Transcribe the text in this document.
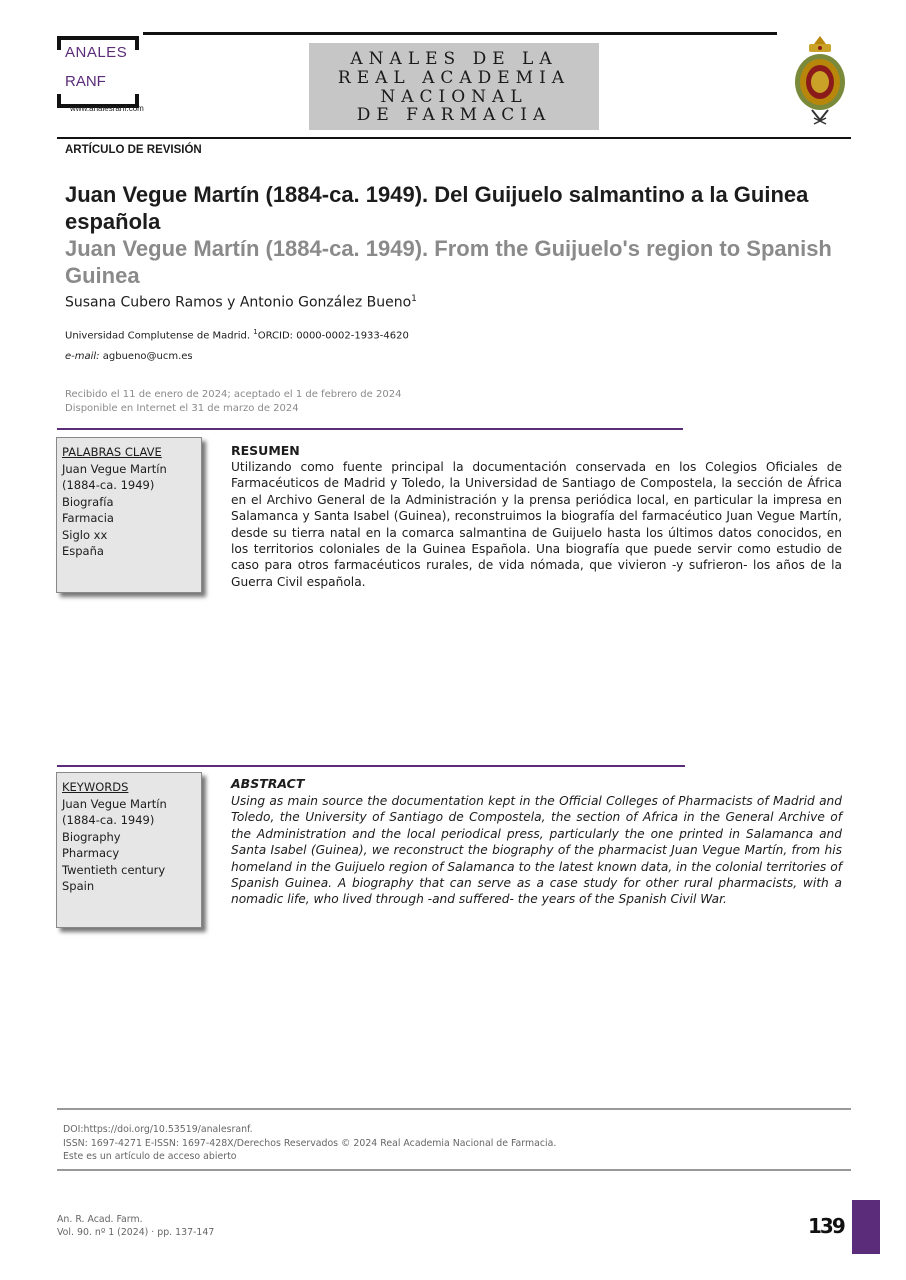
ANALES
RANF
www.analesranf.com
ANALES DE LA
REAL ACADEMIA
NACIONAL
DE FARMACIA
ARTÍCULO DE REVISIÓN
Juan Vegue Martín (1884-ca. 1949). Del Guijuelo salmantino a la Guinea española
Juan Vegue Martín (1884-ca. 1949). From the Guijuelo's region to Spanish Guinea
Susana Cubero Ramos y Antonio González Bueno$^1$
Universidad Complutense de Madrid. $^1$ORCID: 0000-0002-1933-4620
e-mail: agbueno@ucm.es
Recibido el 11 de enero de 2024; aceptado el 1 de febrero de 2024
Disponible en Internet el 31 de marzo de 2024
PALABRAS CLAVE
Juan Vegue Martín
(1884-ca. 1949)
Biografía
Farmacia
Siglo xx
España
RESUMEN
Utilizando como fuente principal la documentación conservada en los Colegios Oficiales de Farmacéuticos de Madrid y Toledo, la Universidad de Santiago de Compostela, la sección de África en el Archivo General de la Administración y la prensa periódica local, en particular la impresa en Salamanca y Santa Isabel (Guinea), reconstruimos la biografía del farmacéutico Juan Vegue Martín, desde su tierra natal en la comarca salmantina de Guijuelo hasta los últimos datos conocidos, en los territorios coloniales de la Guinea Española. Una biografía que puede servir como estudio de caso para otros farmacéuticos rurales, de vida nómada, que vivieron -y sufrieron- los años de la Guerra Civil española.
KEYWORDS
Juan Vegue Martín
(1884-ca. 1949)
Biography
Pharmacy
Twentieth century
Spain
ABSTRACT
Using as main source the documentation kept in the Official Colleges of Pharmacists of Madrid and Toledo, the University of Santiago de Compostela, the section of Africa in the General Archive of the Administration and the local periodical press, particularly the one printed in Salamanca and Santa Isabel (Guinea), we reconstruct the biography of the pharmacist Juan Vegue Martín, from his homeland in the Guijuelo region of Salamanca to the latest known data, in the colonial territories of Spanish Guinea. A biography that can serve as a case study for other rural pharmacists, with a nomadic life, who lived through -and suffered- the years of the Spanish Civil War.
DOI:https://doi.org/10.53519/analesranf.
ISSN: 1697-4271 E-ISSN: 1697-428X/Derechos Reservados © 2024 Real Academia Nacional de Farmacia.
Este es un artículo de acceso abierto
An. R. Acad. Farm.
Vol. 90. nº 1 (2024) · pp. 137-147	139
